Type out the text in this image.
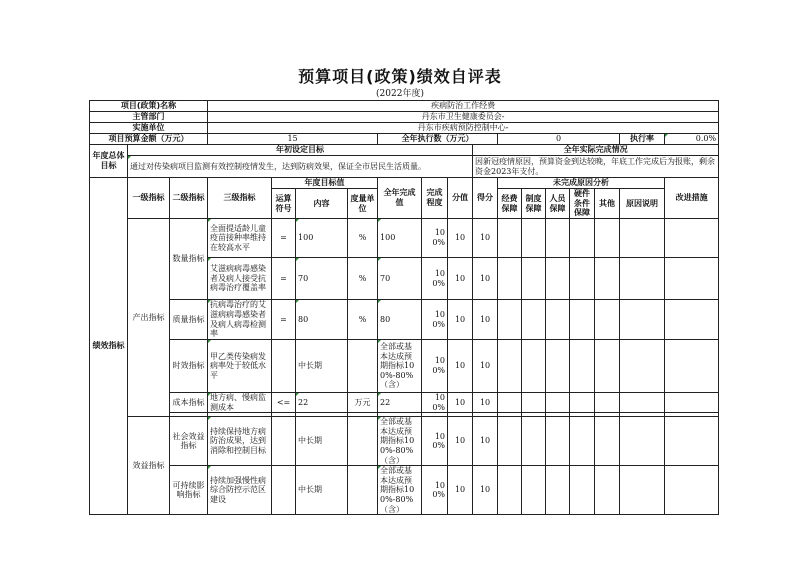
预算项目(政策)绩效自评表
(2022年度)
项目(政策)名称			疾病防治工作经费														
主管部门			丹东市卫生健康委员会-														
实施单位			丹东市疾病预防控制中心-														
项目预算金额（万元）			15				全年执行数（万元）				0					执行率	0.0%
年度总体目标	年初设定目标									全年实际完成情况							
	通过对传染病项目监测有效控制疫情发生，达到防病效果，保证全市居民生活质量。									因新冠疫情原因，预算资金到达较晚，年底工作完成后为报账，剩余资金2023年支付。							
绩效指标	一级指标	二级指标	三级指标	年度目标值			全年完成值	完成程度	分值	得分	未完成原因分析						改进措施
				运算符号	内容	度量单位					经费保障	制度保障	人员保障	硬件条件保障	其他	原因说明	
	产出指标	数量指标	全面提适龄儿童疫苗接种率维持在较高水平	=	100	%	100	100%	10	10							
			艾滋病病毒感染者及病人接受抗病毒治疗覆盖率	=	70	%	70	100%	10	10							
		质量指标	抗病毒治疗的艾滋病病毒感染者及病人病毒检测率	=	80	%	80	100%	10	10							
		时效指标	甲乙类传染病发病率处于较低水平		中长期		全部或基本达成预期指标100%-80%（含）	100%	10	10							
		成本指标	地方病、慢病监测成本	<=	22	万元	22	100%	10	10							

	效益指标	社会效益指标	持续保持地方病防治成果，达到消除和控制目标		中长期		全部或基本达成预期指标100%-80%（含）	100%	10	10							
		可持续影响指标	持续加强慢性病综合防控示范区建设		中长期		全部或基本达成预期指标100%-80%（含）	100%	10	10							
